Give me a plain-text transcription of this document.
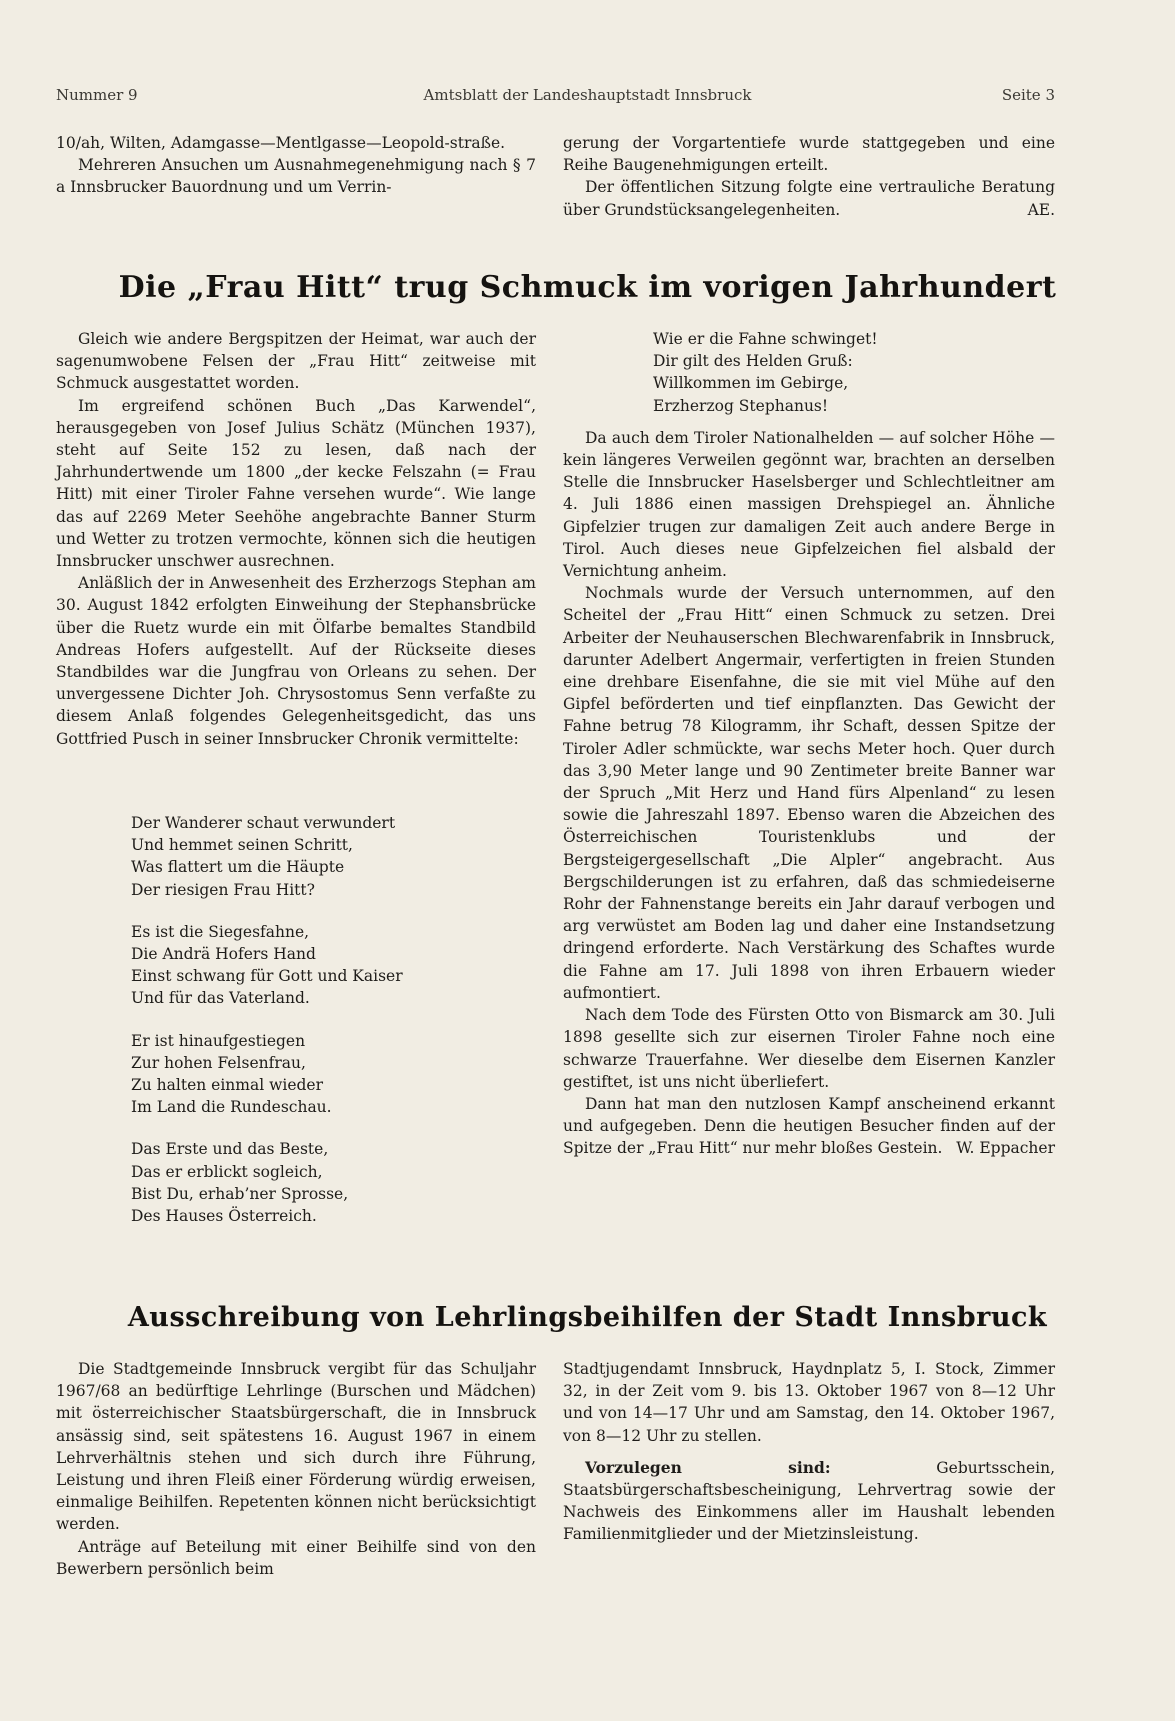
Nummer 9	Amtsblatt der Landeshauptstadt Innsbruck	Seite 3

10/ah, Wilten, Adamgasse—Mentlgasse—Leopold-straße.

Mehreren Ansuchen um Ausnahmegenehmigung nach § 7 a Innsbrucker Bauordnung und um Verrin-

gerung der Vorgartentiefe wurde stattgegeben und eine Reihe Baugenehmigungen erteilt.

Der öffentlichen Sitzung folgte eine vertrauliche Beratung über Grundstücksangelegenheiten.	AE.

Die „Frau Hitt“ trug Schmuck im vorigen Jahrhundert

Gleich wie andere Bergspitzen der Heimat, war auch der sagenumwobene Felsen der „Frau Hitt“ zeitweise mit Schmuck ausgestattet worden.

Im ergreifend schönen Buch „Das Karwendel“, herausgegeben von Josef Julius Schätz (München 1937), steht auf Seite 152 zu lesen, daß nach der Jahrhundertwende um 1800 „der kecke Felszahn (= Frau Hitt) mit einer Tiroler Fahne versehen wurde“. Wie lange das auf 2269 Meter Seehöhe angebrachte Banner Sturm und Wetter zu trotzen vermochte, können sich die heutigen Innsbrucker unschwer ausrechnen.

Anläßlich der in Anwesenheit des Erzherzogs Stephan am 30. August 1842 erfolgten Einweihung der Stephansbrücke über die Ruetz wurde ein mit Ölfarbe bemaltes Standbild Andreas Hofers aufgestellt. Auf der Rückseite dieses Standbildes war die Jungfrau von Orleans zu sehen. Der unvergessene Dichter Joh. Chrysostomus Senn verfaßte zu diesem Anlaß folgendes Gelegenheitsgedicht, das uns Gottfried Pusch in seiner Innsbrucker Chronik vermittelte:

Der Wanderer schaut verwundert
Und hemmet seinen Schritt,
Was flattert um die Häupte
Der riesigen Frau Hitt?
Es ist die Siegesfahne,
Die Andrä Hofers Hand
Einst schwang für Gott und Kaiser
Und für das Vaterland.
Er ist hinaufgestiegen
Zur hohen Felsenfrau,
Zu halten einmal wieder
Im Land die Rundeschau.
Das Erste und das Beste,
Das er erblickt sogleich,
Bist Du, erhab’ner Sprosse,
Des Hauses Österreich.

Wie er die Fahne schwinget!

Dir gilt des Helden Gruß:

Willkommen im Gebirge,

Erzherzog Stephanus!

Da auch dem Tiroler Nationalhelden — auf solcher Höhe — kein längeres Verweilen gegönnt war, brachten an derselben Stelle die Innsbrucker Haselsberger und Schlechtleitner am 4. Juli 1886 einen massigen Drehspiegel an. Ähnliche Gipfelzier trugen zur damaligen Zeit auch andere Berge in Tirol. Auch dieses neue Gipfelzeichen fiel alsbald der Vernichtung anheim.

Nochmals wurde der Versuch unternommen, auf den Scheitel der „Frau Hitt“ einen Schmuck zu setzen. Drei Arbeiter der Neuhauserschen Blechwarenfabrik in Innsbruck, darunter Adelbert Angermair, verfertigten in freien Stunden eine drehbare Eisenfahne, die sie mit viel Mühe auf den Gipfel beförderten und tief einpflanzten. Das Gewicht der Fahne betrug 78 Kilogramm, ihr Schaft, dessen Spitze der Tiroler Adler schmückte, war sechs Meter hoch. Quer durch das 3,90 Meter lange und 90 Zentimeter breite Banner war der Spruch „Mit Herz und Hand fürs Alpenland“ zu lesen sowie die Jahreszahl 1897. Ebenso waren die Abzeichen des Österreichischen Touristenklubs und der Bergsteigergesellschaft „Die Alpler“ angebracht. Aus Bergschilderungen ist zu erfahren, daß das schmiedeiserne Rohr der Fahnenstange bereits ein Jahr darauf verbogen und arg verwüstet am Boden lag und daher eine Instandsetzung dringend erforderte. Nach Verstärkung des Schaftes wurde die Fahne am 17. Juli 1898 von ihren Erbauern wieder aufmontiert.

Nach dem Tode des Fürsten Otto von Bismarck am 30. Juli 1898 gesellte sich zur eisernen Tiroler Fahne noch eine schwarze Trauerfahne. Wer dieselbe dem Eisernen Kanzler gestiftet, ist uns nicht überliefert.

Dann hat man den nutzlosen Kampf anscheinend erkannt und aufgegeben. Denn die heutigen Besucher finden auf der Spitze der „Frau Hitt“ nur mehr bloßes Gestein. W. Eppacher

Ausschreibung von Lehrlingsbeihilfen der Stadt Innsbruck

Die Stadtgemeinde Innsbruck vergibt für das Schuljahr 1967/68 an bedürftige Lehrlinge (Burschen und Mädchen) mit österreichischer Staatsbürgerschaft, die in Innsbruck ansässig sind, seit spätestens 16. August 1967 in einem Lehrverhältnis stehen und sich durch ihre Führung, Leistung und ihren Fleiß einer Förderung würdig erweisen, einmalige Beihilfen. Repetenten können nicht berücksichtigt werden.

Anträge auf Beteilung mit einer Beihilfe sind von den Bewerbern persönlich beim

Stadtjugendamt Innsbruck, Haydnplatz 5, I. Stock, Zimmer 32, in der Zeit vom 9. bis 13. Oktober 1967 von 8—12 Uhr und von 14—17 Uhr und am Samstag, den 14. Oktober 1967, von 8—12 Uhr zu stellen.

Vorzulegen sind:	Geburtsschein, Staatsbürgerschaftsbescheinigung, Lehrvertrag sowie der Nachweis des Einkommens aller im Haushalt lebenden Familienmitglieder und der Mietzinsleistung.
